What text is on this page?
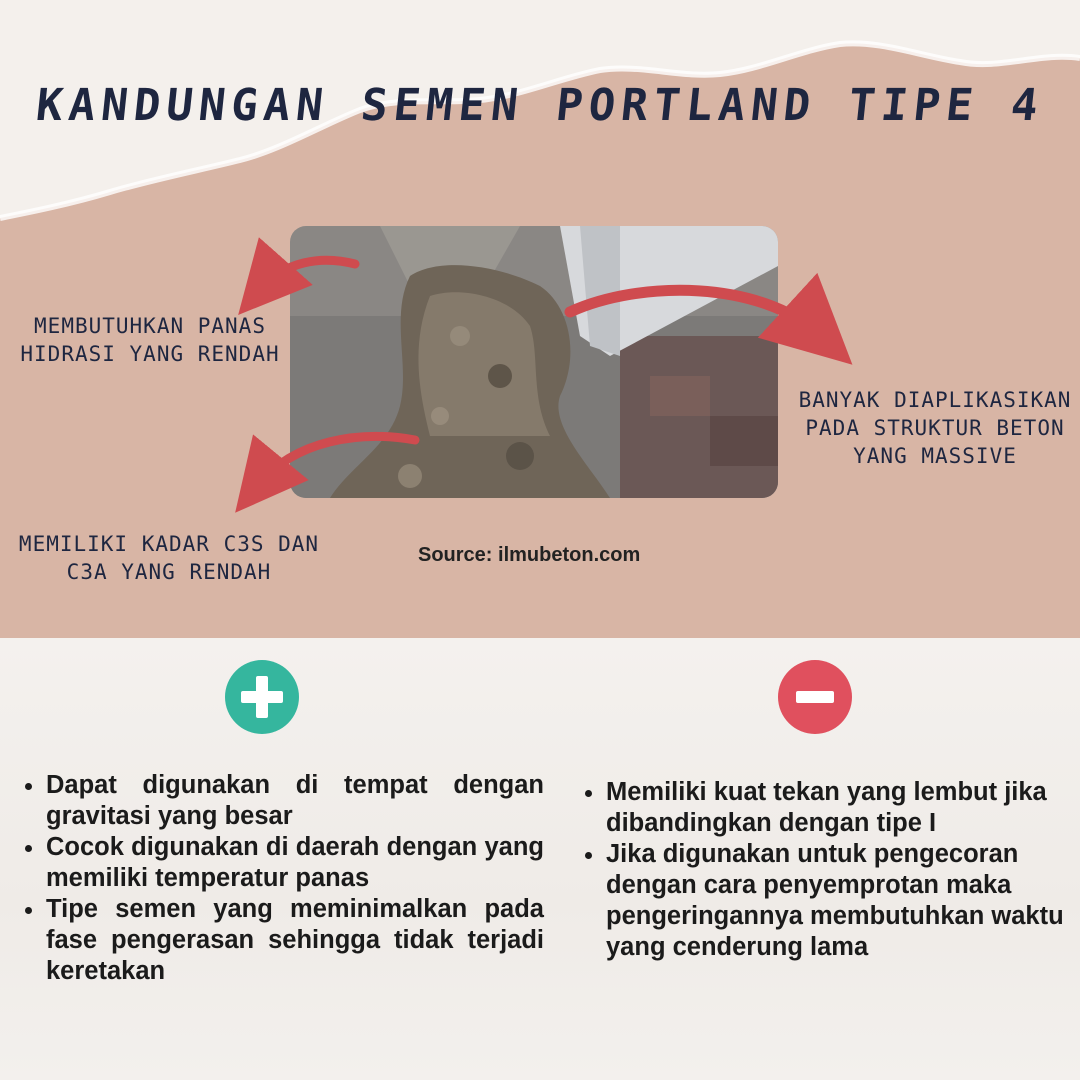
KANDUNGAN SEMEN PORTLAND TIPE 4
MEMBUTUHKAN PANAS
HIDRASI YANG RENDAH
BANYAK DIAPLIKASIKAN
PADA STRUKTUR BETON
YANG MASSIVE
MEMILIKI KADAR C3S DAN
C3A YANG RENDAH
Source: ilmubeton.com
• Dapat digunakan di tempat dengan gravitasi yang besar
• Cocok digunakan di daerah dengan yang memiliki temperatur panas
• Tipe semen yang meminimalkan pada fase pengerasan sehingga tidak terjadi keretakan
• Memiliki kuat tekan yang lembut jika dibandingkan dengan tipe I
• Jika digunakan untuk pengecoran dengan cara penyemprotan maka pengeringannya membutuhkan waktu yang cenderung lama
